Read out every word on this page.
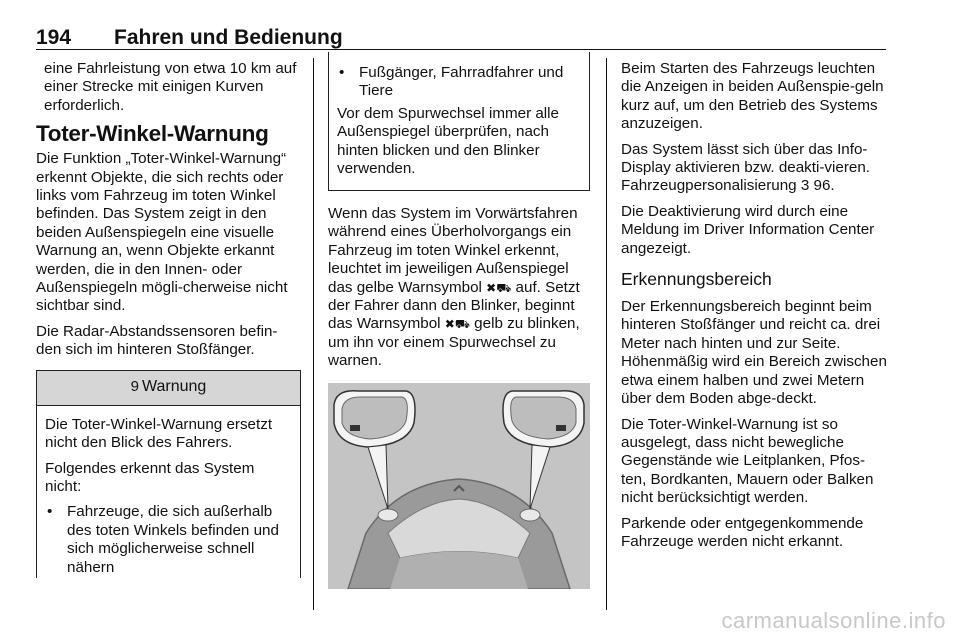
194 Fahren und Bedienung

eine Fahrleistung von etwa 10 km auf einer Strecke mit einigen Kurven erforderlich.

Toter-Winkel-Warnung

Die Funktion „Toter-Winkel-Warnung“ erkennt Objekte, die sich rechts oder links vom Fahrzeug im toten Winkel befinden. Das System zeigt in den beiden Außenspiegeln eine visuelle Warnung an, wenn Objekte erkannt werden, die in den Innen- oder Außenspiegeln mögli-cherweise nicht sichtbar sind.

Die Radar-Abstandssensoren befin-den sich im hinteren Stoßfänger.

9 Warnung

Die Toter-Winkel-Warnung ersetzt nicht den Blick des Fahrers.

Folgendes erkennt das System nicht:

• Fahrzeuge, die sich außerhalb des toten Winkels befinden und sich möglicherweise schnell nähern
• Fußgänger, Fahrradfahrer und Tiere

Vor dem Spurwechsel immer alle Außenspiegel überprüfen, nach hinten blicken und den Blinker verwenden.

Wenn das System im Vorwärtsfahren während eines Überholvorgangs ein Fahrzeug im toten Winkel erkennt, leuchtet im jeweiligen Außenspiegel das gelbe Warnsymbol ✖⛟ auf. Setzt der Fahrer dann den Blinker, beginnt das Warnsymbol ✖⛟ gelb zu blinken, um ihn vor einem Spurwechsel zu warnen.

Beim Starten des Fahrzeugs leuchten die Anzeigen in beiden Außenspie-geln kurz auf, um den Betrieb des Systems anzuzeigen.

Das System lässt sich über das Info-Display aktivieren bzw. deakti-vieren. Fahrzeugpersonalisierung 3 96.

Die Deaktivierung wird durch eine Meldung im Driver Information Center angezeigt.

Erkennungsbereich

Der Erkennungsbereich beginnt beim hinteren Stoßfänger und reicht ca. drei Meter nach hinten und zur Seite. Höhenmäßig wird ein Bereich zwischen etwa einem halben und zwei Metern über dem Boden abge-deckt.

Die Toter-Winkel-Warnung ist so ausgelegt, dass nicht bewegliche Gegenstände wie Leitplanken, Pfos-ten, Bordkanten, Mauern oder Balken nicht berücksichtigt werden.

Parkende oder entgegenkommende Fahrzeuge werden nicht erkannt.

carmanualsonline.info
